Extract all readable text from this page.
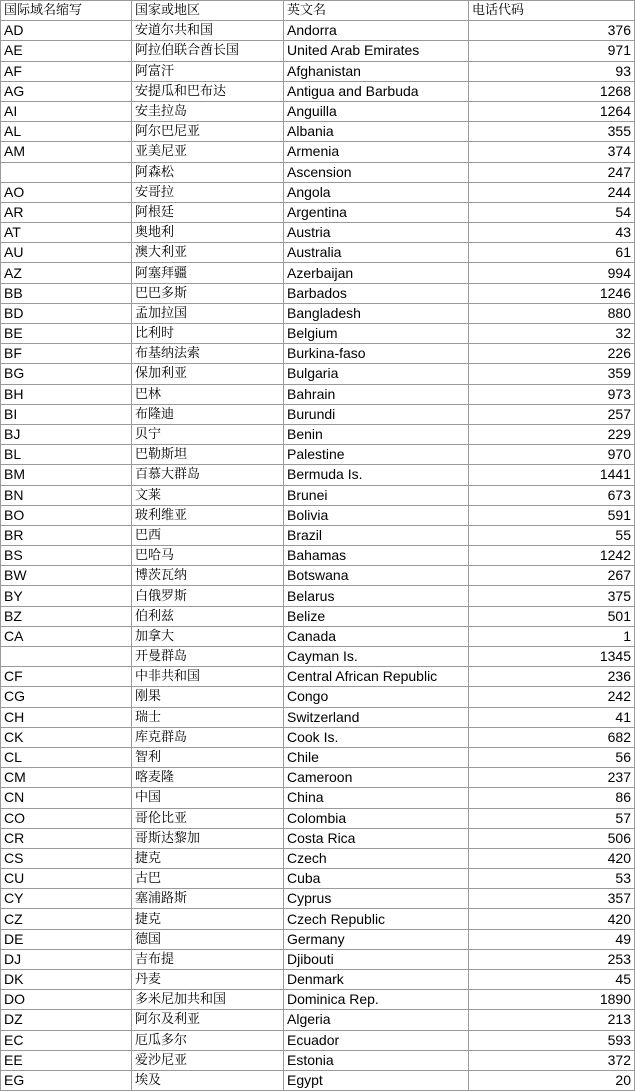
国际域名缩写	国家或地区	英文名	电话代码
AD	安道尔共和国	Andorra	376
AE	阿拉伯联合酋长国	United Arab Emirates	971
AF	阿富汗	Afghanistan	93
AG	安提瓜和巴布达	Antigua and Barbuda	1268
AI	安圭拉岛	Anguilla	1264
AL	阿尔巴尼亚	Albania	355
AM	亚美尼亚	Armenia	374
	阿森松	Ascension	247
AO	安哥拉	Angola	244
AR	阿根廷	Argentina	54
AT	奥地利	Austria	43
AU	澳大利亚	Australia	61
AZ	阿塞拜疆	Azerbaijan	994
BB	巴巴多斯	Barbados	1246
BD	孟加拉国	Bangladesh	880
BE	比利时	Belgium	32
BF	布基纳法索	Burkina-faso	226
BG	保加利亚	Bulgaria	359
BH	巴林	Bahrain	973
BI	布隆迪	Burundi	257
BJ	贝宁	Benin	229
BL	巴勒斯坦	Palestine	970
BM	百慕大群岛	Bermuda Is.	1441
BN	文莱	Brunei	673
BO	玻利维亚	Bolivia	591
BR	巴西	Brazil	55
BS	巴哈马	Bahamas	1242
BW	博茨瓦纳	Botswana	267
BY	白俄罗斯	Belarus	375
BZ	伯利兹	Belize	501
CA	加拿大	Canada	1
	开曼群岛	Cayman Is.	1345
CF	中非共和国	Central African Republic	236
CG	刚果	Congo	242
CH	瑞士	Switzerland	41
CK	库克群岛	Cook Is.	682
CL	智利	Chile	56
CM	喀麦隆	Cameroon	237
CN	中国	China	86
CO	哥伦比亚	Colombia	57
CR	哥斯达黎加	Costa Rica	506
CS	捷克	Czech	420
CU	古巴	Cuba	53
CY	塞浦路斯	Cyprus	357
CZ	捷克	Czech Republic	420
DE	德国	Germany	49
DJ	吉布提	Djibouti	253
DK	丹麦	Denmark	45
DO	多米尼加共和国	Dominica Rep.	1890
DZ	阿尔及利亚	Algeria	213
EC	厄瓜多尔	Ecuador	593
EE	爱沙尼亚	Estonia	372
EG	埃及	Egypt	20
